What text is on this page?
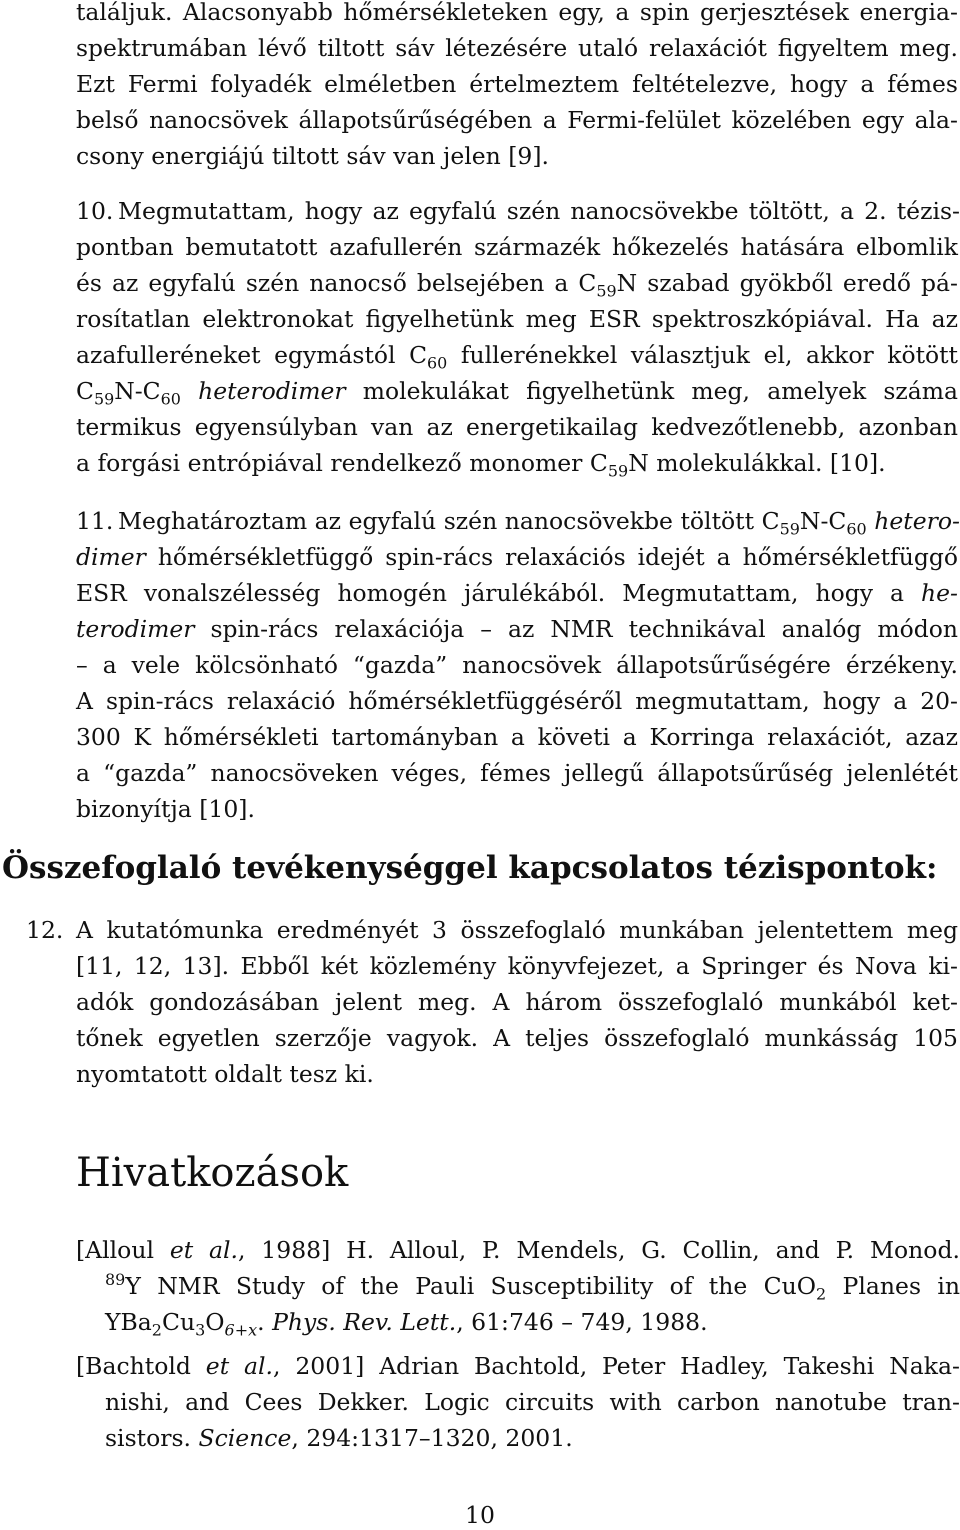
találjuk. Alacsonyabb hőmérsékleteken egy, a spin gerjesztések energia-
spektrumában lévő tiltott sáv létezésére utaló relaxációt figyeltem meg.
Ezt Fermi folyadék elméletben értelmeztem feltételezve, hogy a fémes
belső nanocsövek állapotsűrűségében a Fermi-felület közelében egy ala-
csony energiájú tiltott sáv van jelen [9].
10. Megmutattam, hogy az egyfalú szén nanocsövekbe töltött, a 2. tézis-
pontban bemutatott azafullerén származék hőkezelés hatására elbomlik
és az egyfalú szén nanocső belsejében a $C_{59}N$ szabad gyökből eredő pá-
rosítatlan elektronokat figyelhetünk meg ESR spektroszkópiával. Ha az
azafulleréneket egymástól $C_{60}$ fullerénekkel választjuk el, akkor kötött
$C_{59}N-C_{60}$ heterodimer molekulákat figyelhetünk meg, amelyek száma
termikus egyensúlyban van az energetikailag kedvezőtlenebb, azonban
a forgási entrópiával rendelkező monomer $C_{59}N$ molekulákkal. [10].
11. Meghatároztam az egyfalú szén nanocsövekbe töltött $C_{59}N-C_{60}$ hetero-
dimer hőmérsékletfüggő spin-rács relaxációs idejét a hőmérsékletfüggő
ESR vonalszélesség homogén járulékából. Megmutattam, hogy a he-
terodimer spin-rács relaxációja – az NMR technikával analóg módon
– a vele kölcsönható “gazda” nanocsövek állapotsűrűségére érzékeny.
A spin-rács relaxáció hőmérsékletfüggéséről megmutattam, hogy a 20-
300 K hőmérsékleti tartományban a követi a Korringa relaxációt, azaz
a “gazda” nanocsöveken véges, fémes jellegű állapotsűrűség jelenlétét
bizonyítja [10].
Összefoglaló tevékenységgel kapcsolatos tézispontok:
12. A kutatómunka eredményét 3 összefoglaló munkában jelentettem meg
[11, 12, 13]. Ebből két közlemény könyvfejezet, a Springer és Nova ki-
adók gondozásában jelent meg. A három összefoglaló munkából ket-
tőnek egyetlen szerzője vagyok. A teljes összefoglaló munkásság 105
nyomtatott oldalt tesz ki.
Hivatkozások
[Alloul et al., 1988] H. Alloul, P. Mendels, G. Collin, and P. Monod.
$^{89}$Y NMR Study of the Pauli Susceptibility of the CuO$_2$ Planes in
$YBa_2Cu_3O_{6+x}$. Phys. Rev. Lett., 61:746 – 749, 1988.
[Bachtold et al., 2001] Adrian Bachtold, Peter Hadley, Takeshi Naka-
nishi, and Cees Dekker. Logic circuits with carbon nanotube tran-
sistors. Science, 294:1317–1320, 2001.
10
